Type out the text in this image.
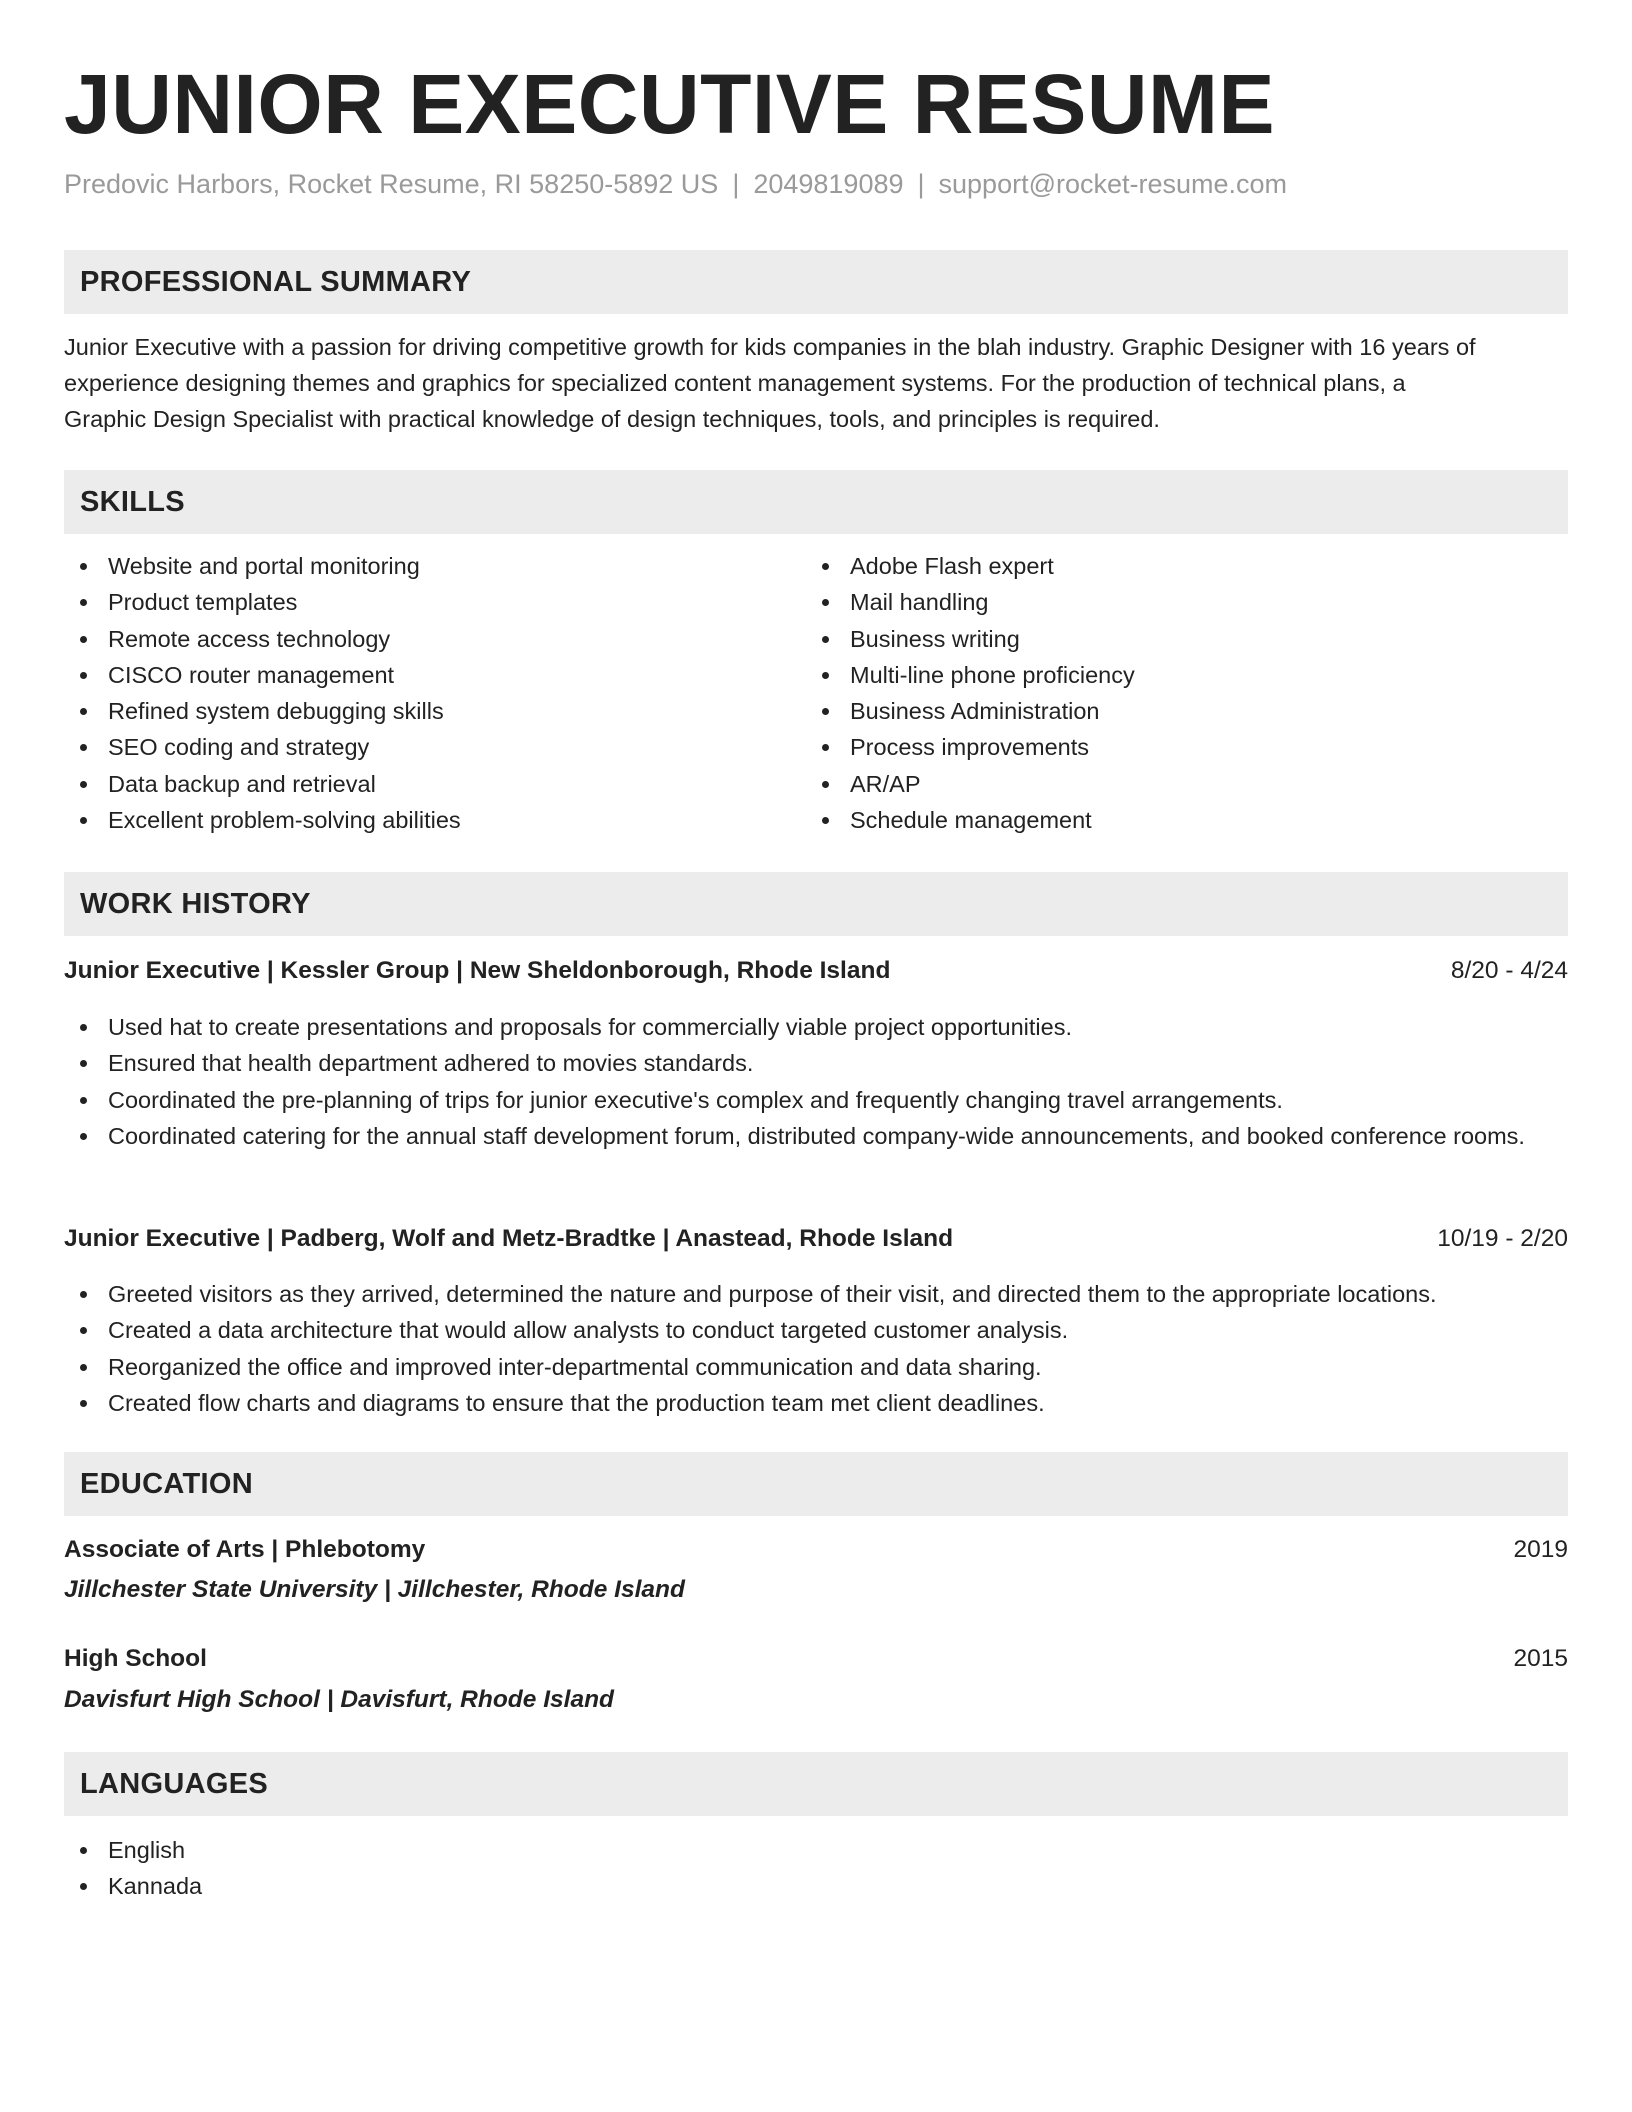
JUNIOR EXECUTIVE RESUME
Predovic Harbors, Rocket Resume, RI 58250-5892 US | 2049819089 | support@rocket-resume.com
PROFESSIONAL SUMMARY
Junior Executive with a passion for driving competitive growth for kids companies in the blah industry. Graphic Designer with 16 years of
experience designing themes and graphics for specialized content management systems. For the production of technical plans, a
Graphic Design Specialist with practical knowledge of design techniques, tools, and principles is required.
SKILLS
Website and portal monitoring
Product templates
Remote access technology
CISCO router management
Refined system debugging skills
SEO coding and strategy
Data backup and retrieval
Excellent problem-solving abilities
Adobe Flash expert
Mail handling
Business writing
Multi-line phone proficiency
Business Administration
Process improvements
AR/AP
Schedule management
WORK HISTORY
Junior Executive | Kessler Group | New Sheldonborough, Rhode Island	8/20 - 4/24
Used hat to create presentations and proposals for commercially viable project opportunities.
Ensured that health department adhered to movies standards.
Coordinated the pre-planning of trips for junior executive's complex and frequently changing travel arrangements.
Coordinated catering for the annual staff development forum, distributed company-wide announcements, and booked conference rooms.
Junior Executive | Padberg, Wolf and Metz-Bradtke | Anastead, Rhode Island	10/19 - 2/20
Greeted visitors as they arrived, determined the nature and purpose of their visit, and directed them to the appropriate locations.
Created a data architecture that would allow analysts to conduct targeted customer analysis.
Reorganized the office and improved inter-departmental communication and data sharing.
Created flow charts and diagrams to ensure that the production team met client deadlines.
EDUCATION
Associate of Arts | Phlebotomy	2019
Jillchester State University | Jillchester, Rhode Island
High School	2015
Davisfurt High School | Davisfurt, Rhode Island
LANGUAGES
English
Kannada
